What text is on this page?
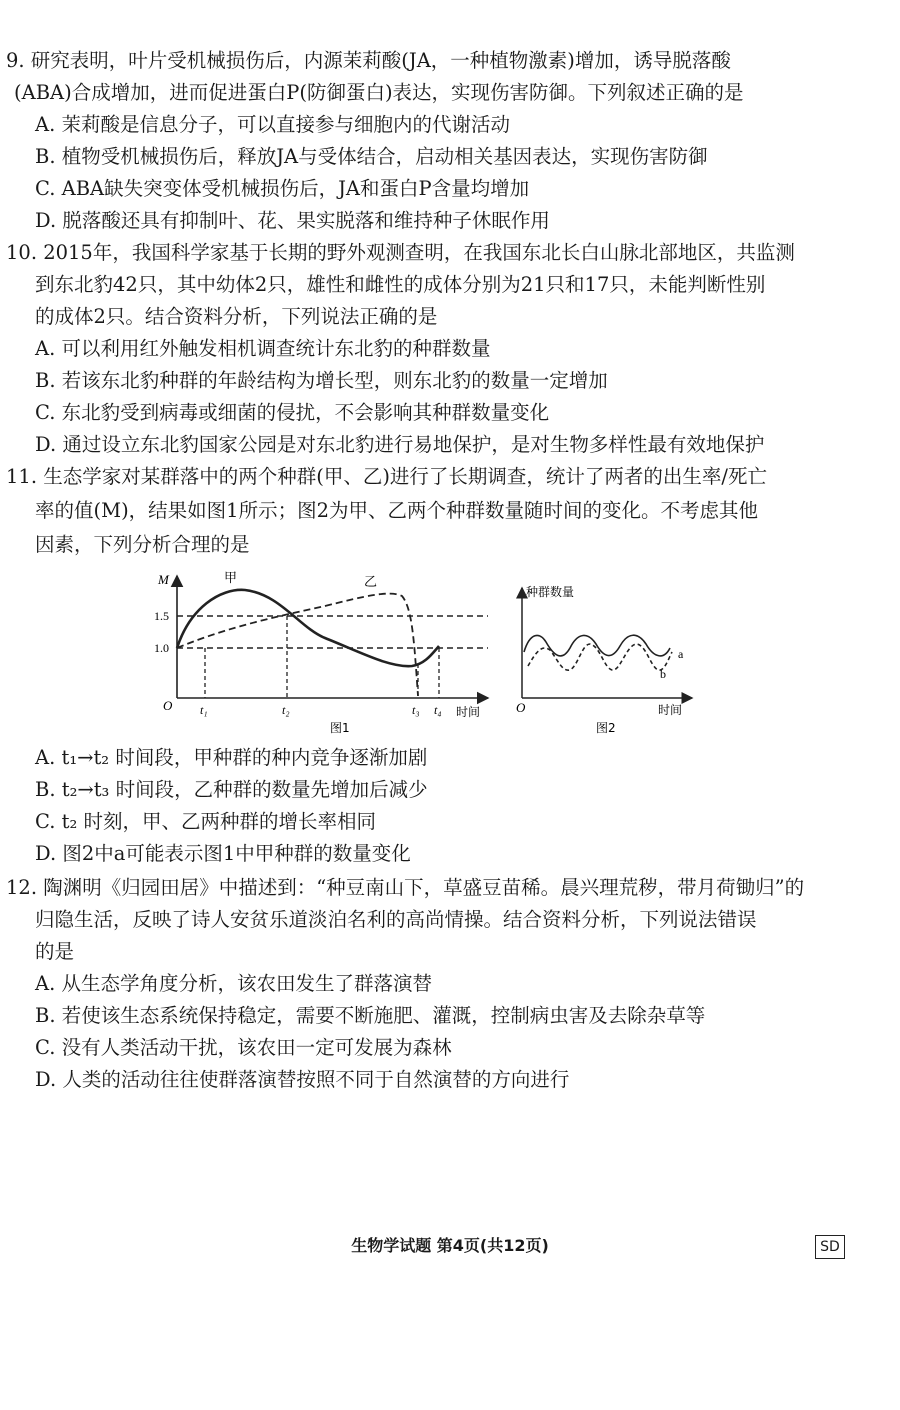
9. 研究表明，叶片受机械损伤后，内源茉莉酸(JA，一种植物激素)增加，诱导脱落酸
(ABA)合成增加，进而促进蛋白P(防御蛋白)表达，实现伤害防御。下列叙述正确的是
A. 茉莉酸是信息分子，可以直接参与细胞内的代谢活动
B. 植物受机械损伤后，释放JA与受体结合，启动相关基因表达，实现伤害防御
C. ABA缺失突变体受机械损伤后，JA和蛋白P含量均增加
D. 脱落酸还具有抑制叶、花、果实脱落和维持种子休眠作用
10. 2015年，我国科学家基于长期的野外观测查明，在我国东北长白山脉北部地区，共监测
到东北豹42只，其中幼体2只，雄性和雌性的成体分别为21只和17只，未能判断性别
的成体2只。结合资料分析，下列说法正确的是
A. 可以利用红外触发相机调查统计东北豹的种群数量
B. 若该东北豹种群的年龄结构为增长型，则东北豹的数量一定增加
C. 东北豹受到病毒或细菌的侵扰，不会影响其种群数量变化
D. 通过设立东北豹国家公园是对东北豹进行易地保护，是对生物多样性最有效地保护
11. 生态学家对某群落中的两个种群(甲、乙)进行了长期调查，统计了两者的出生率/死亡
率的值(M)，结果如图1所示；图2为甲、乙两个种群数量随时间的变化。不考虑其他
因素，下列分析合理的是
M
O
1.5
1.0
t₁	t₂	t₃ t₄ 时间
甲	乙
图1
种群数量
O	时间
a
b
图2
A. t₁→t₂ 时间段，甲种群的种内竞争逐渐加剧
B. t₂→t₃ 时间段，乙种群的数量先增加后减少
C. t₂ 时刻，甲、乙两种群的增长率相同
D. 图2中a可能表示图1中甲种群的数量变化
12. 陶渊明《归园田居》中描述到：“种豆南山下，草盛豆苗稀。晨兴理荒秽，带月荷锄归”的
归隐生活，反映了诗人安贫乐道淡泊名利的高尚情操。结合资料分析，下列说法错误
的是
A. 从生态学角度分析，该农田发生了群落演替
B. 若使该生态系统保持稳定，需要不断施肥、灌溉，控制病虫害及去除杂草等
C. 没有人类活动干扰，该农田一定可发展为森林
D. 人类的活动往往使群落演替按照不同于自然演替的方向进行
生物学试题 第4页(共12页)	SD
